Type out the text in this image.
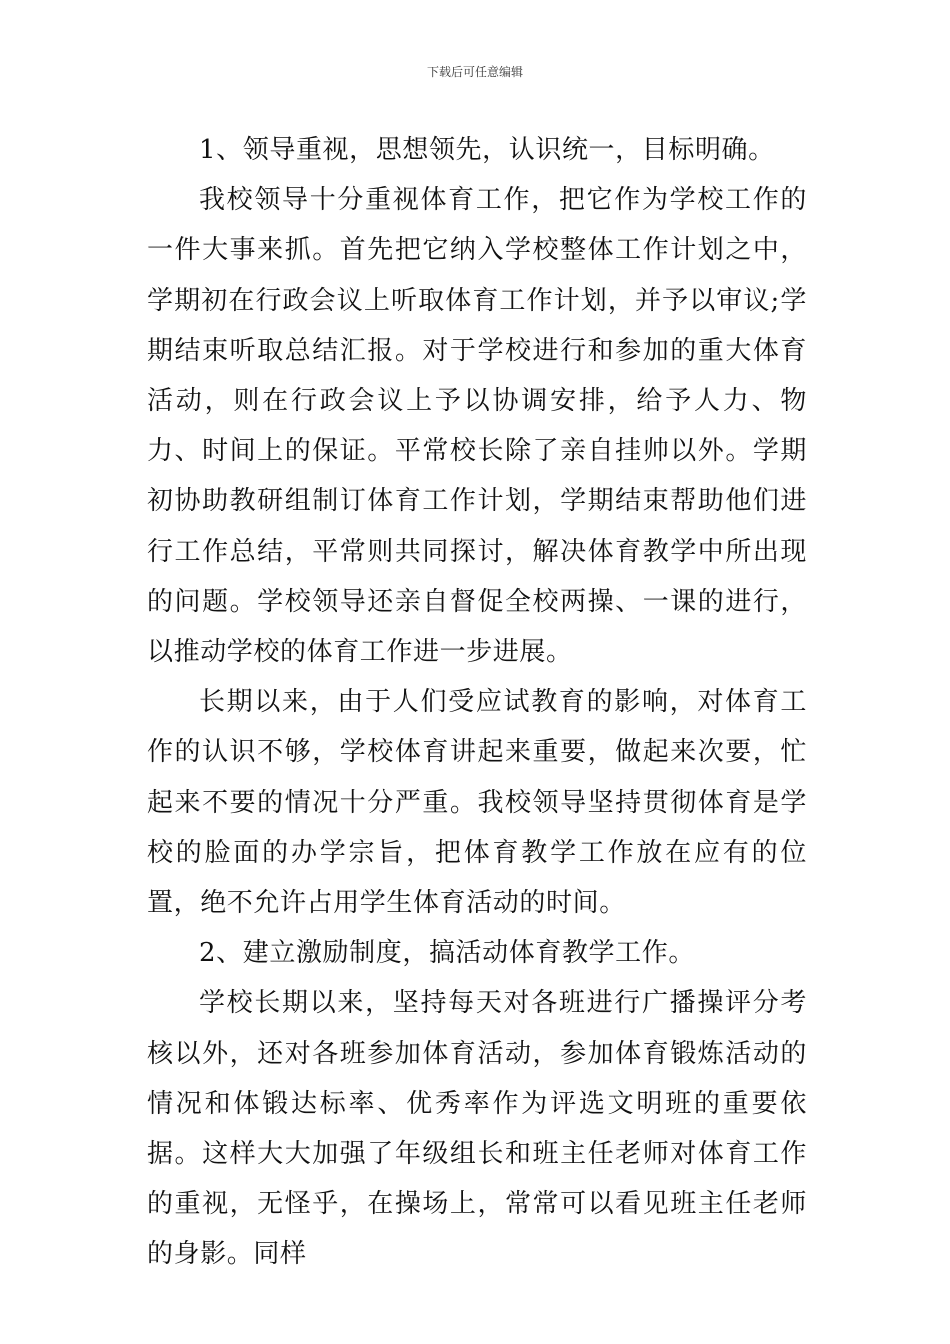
下载后可任意编辑

1、领导重视，思想领先，认识统一，目标明确。

我校领导十分重视体育工作，把它作为学校工作的一件大事来抓。首先把它纳入学校整体工作计划之中，学期初在行政会议上听取体育工作计划，并予以审议;学期结束听取总结汇报。对于学校进行和参加的重大体育活动，则在行政会议上予以协调安排，给予人力、物力、时间上的保证。平常校长除了亲自挂帅以外。学期初协助教研组制订体育工作计划，学期结束帮助他们进行工作总结，平常则共同探讨，解决体育教学中所出现的问题。学校领导还亲自督促全校两操、一课的进行，以推动学校的体育工作进一步进展。

长期以来，由于人们受应试教育的影响，对体育工作的认识不够，学校体育讲起来重要，做起来次要，忙起来不要的情况十分严重。我校领导坚持贯彻体育是学校的脸面的办学宗旨，把体育教学工作放在应有的位置，绝不允许占用学生体育活动的时间。

2、建立激励制度，搞活动体育教学工作。

学校长期以来，坚持每天对各班进行广播操评分考核以外，还对各班参加体育活动，参加体育锻炼活动的情况和体锻达标率、优秀率作为评选文明班的重要依据。这样大大加强了年级组长和班主任老师对体育工作的重视，无怪乎，在操场上，常常可以看见班主任老师的身影。同样
